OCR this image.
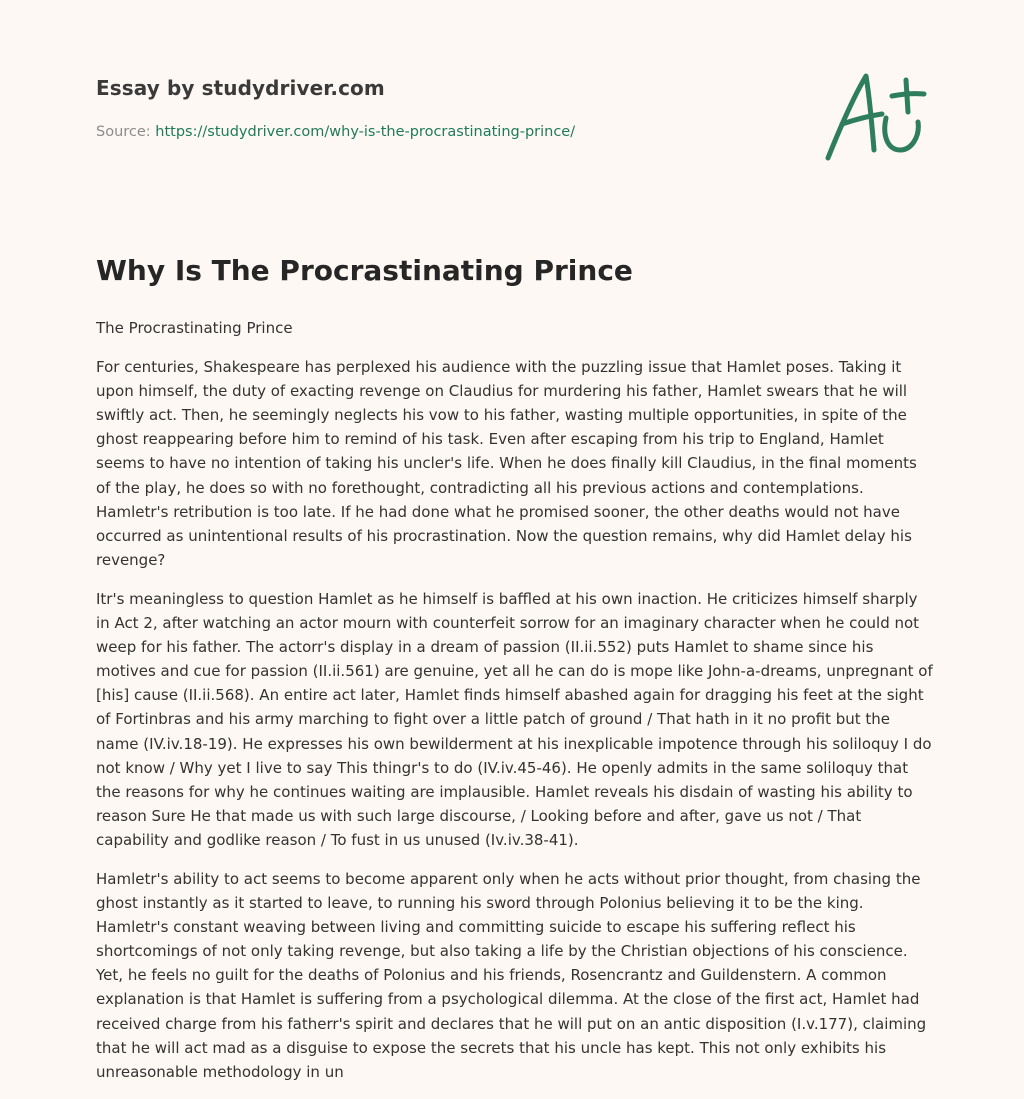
Essay by studydriver.com
Source: https://studydriver.com/why-is-the-procrastinating-prince/
Why Is The Procrastinating Prince

The Procrastinating Prince

For centuries, Shakespeare has perplexed his audience with the puzzling issue that Hamlet poses. Taking it upon himself, the duty of exacting revenge on Claudius for murdering his father, Hamlet swears that he will swiftly act. Then, he seemingly neglects his vow to his father, wasting multiple opportunities, in spite of the ghost reappearing before him to remind of his task. Even after escaping from his trip to England, Hamlet seems to have no intention of taking his uncler's life. When he does finally kill Claudius, in the final moments of the play, he does so with no forethought, contradicting all his previous actions and contemplations. Hamletr's retribution is too late. If he had done what he promised sooner, the other deaths would not have occurred as unintentional results of his procrastination. Now the question remains, why did Hamlet delay his revenge?

Itr's meaningless to question Hamlet as he himself is baffled at his own inaction. He criticizes himself sharply in Act 2, after watching an actor mourn with counterfeit sorrow for an imaginary character when he could not weep for his father. The actorr's display in a dream of passion (II.ii.552) puts Hamlet to shame since his motives and cue for passion (II.ii.561) are genuine, yet all he can do is mope like John-a-dreams, unpregnant of [his] cause (II.ii.568). An entire act later, Hamlet finds himself abashed again for dragging his feet at the sight of Fortinbras and his army marching to fight over a little patch of ground / That hath in it no profit but the name (IV.iv.18-19). He expresses his own bewilderment at his inexplicable impotence through his soliloquy I do not know / Why yet I live to say This thingr's to do (IV.iv.45-46). He openly admits in the same soliloquy that the reasons for why he continues waiting are implausible. Hamlet reveals his disdain of wasting his ability to reason Sure He that made us with such large discourse, / Looking before and after, gave us not / That capability and godlike reason / To fust in us unused (Iv.iv.38-41).

Hamletr's ability to act seems to become apparent only when he acts without prior thought, from chasing the ghost instantly as it started to leave, to running his sword through Polonius believing it to be the king. Hamletr's constant weaving between living and committing suicide to escape his suffering reflect his shortcomings of not only taking revenge, but also taking a life by the Christian objections of his conscience. Yet, he feels no guilt for the deaths of Polonius and his friends, Rosencrantz and Guildenstern. A common explanation is that Hamlet is suffering from a psychological dilemma. At the close of the first act, Hamlet had received charge from his fatherr's spirit and declares that he will put on an antic disposition (I.v.177), claiming that he will act mad as a disguise to expose the secrets that his uncle has kept. This not only exhibits his unreasonable methodology in un
